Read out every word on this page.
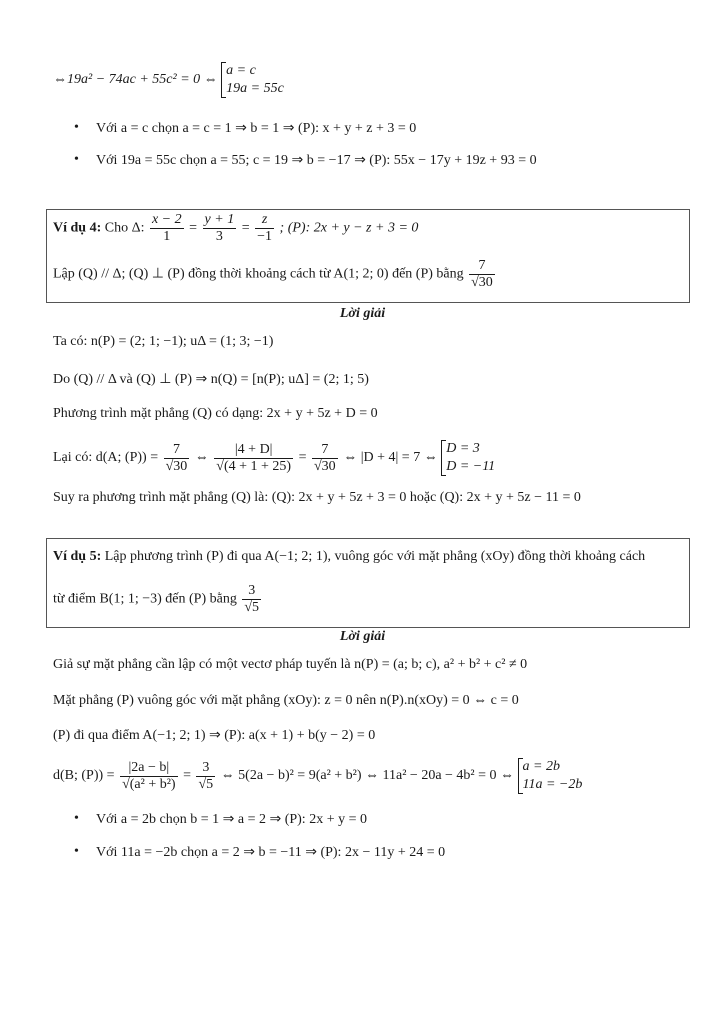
⇔19a² − 74ac + 55c² = 0 ⇔
a = c
19a = 55c
• Với a = c chọn a = c = 1 ⇒ b = 1 ⇒ (P): x + y + z + 3 = 0
• Với 19a = 55c chọn a = 55; c = 19 ⇒ b = −17 ⇒ (P): 55x − 17y + 19z + 93 = 0
Ví dụ 4: Cho Δ: $\frac{x - 2}{1} = \frac{y + 1}{3} = \frac{z}{-1}$ ; (P): 2x + y − z + 3 = 0
Lập (Q) // Δ; (Q) ⊥ (P) đồng thời khoảng cách từ A(1; 2; 0) đến (P) bằng $\frac{7}{√30}$
Lời giải
Ta có: n(P) = (2; 1; −1); uΔ = (1; 3; −1)
Do (Q) // Δ và (Q) ⊥ (P) ⇒ n(Q) = [n(P); uΔ] = (2; 1; 5)
Phương trình mặt phẳng (Q) có dạng: 2x + y + 5z + D = 0
Lại có: d(A; $(P)) = \frac{7}{√30}$ ⇔ $\frac{|4 + D|}{√(4 + 1 + 25)} = \frac{7}{√30}$ ⇔ |D + 4| = 7 ⇔
D = 3
D = −11
Suy ra phương trình mặt phẳng (Q) là: (Q): 2x + y + 5z + 3 = 0 hoặc (Q): 2x + y + 5z − 11 = 0
Ví dụ 5: Lập phương trình (P) đi qua A(−1; 2; 1), vuông góc với mặt phẳng (xOy) đồng thời khoảng cách
từ điểm B(1; 1; −3) đến (P) bằng $\frac{3}{√5}$
Lời giải
Giả sự mặt phẳng cần lập có một vectơ pháp tuyến là n(P) = (a; b; c), a² + b² + c² ≠ 0
Mặt phẳng (P) vuông góc với mặt phẳng (xOy): z = 0 nên n(P).n(xOy) = 0 ⇔ c = 0
(P) đi qua điểm A(−1; 2; 1) ⇒ (P): a(x + 1) + b(y − 2) = 0
d(B; $(P)) = \frac{|2a - b|}{\text{√(a² + b²)}} = \frac{3}{√5}$ ⇔ 5(2a − b)² = 9(a² + b²) ⇔ 11a² − 20a − 4b² = 0 ⇔
a = 2b
11a = −2b
• Với a = 2b chọn b = 1 ⇒ a = 2 ⇒ (P): 2x + y = 0
• Với 11a = −2b chọn a = 2 ⇒ b = −11 ⇒ (P): 2x − 11y + 24 = 0
